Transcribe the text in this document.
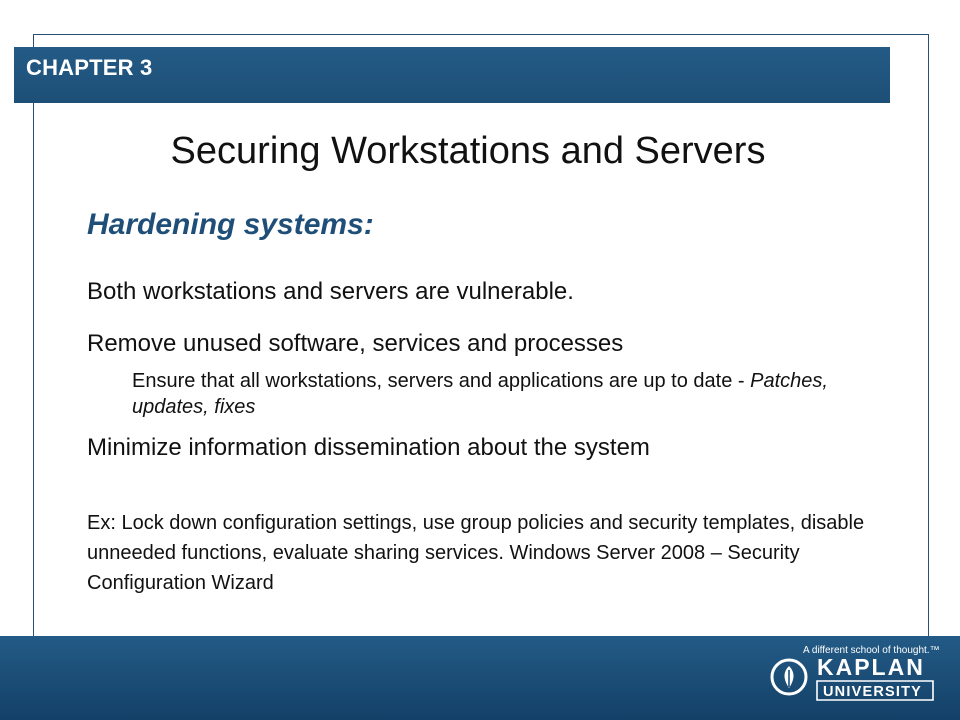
CHAPTER 3
Securing Workstations and Servers
Hardening systems:
Both workstations and servers are vulnerable.
Remove unused software, services and processes
Ensure that all workstations, servers and applications are up to date - Patches, updates, fixes
Minimize information dissemination about the system
Ex: Lock down configuration settings, use group policies and security templates, disable unneeded functions, evaluate sharing services. Windows Server 2008 – Security Configuration Wizard
A different school of thought.™
KAPLAN
UNIVERSITY
